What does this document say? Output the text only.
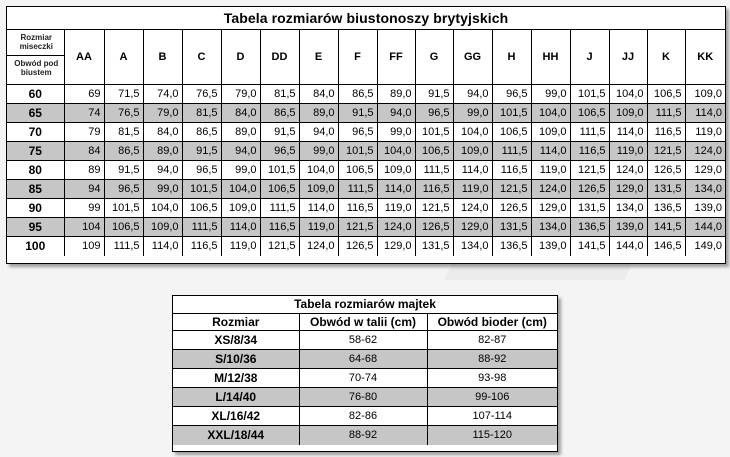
Tabela rozmiarów biustonoszy brytyjskich
Rozmiar miseczki
Obwód pod biustem	AA	A	B	C	D	DD	E	F	FF	G	GG	H	HH	J	JJ	K	KK
60	69	71,5	74,0	76,5	79,0	81,5	84,0	86,5	89,0	91,5	94,0	96,5	99,0	101,5	104,0	106,5	109,0
65	74	76,5	79,0	81,5	84,0	86,5	89,0	91,5	94,0	96,5	99,0	101,5	104,0	106,5	109,0	111,5	114,0
70	79	81,5	84,0	86,5	89,0	91,5	94,0	96,5	99,0	101,5	104,0	106,5	109,0	111,5	114,0	116,5	119,0
75	84	86,5	89,0	91,5	94,0	96,5	99,0	101,5	104,0	106,5	109,0	111,5	114,0	116,5	119,0	121,5	124,0
80	89	91,5	94,0	96,5	99,0	101,5	104,0	106,5	109,0	111,5	114,0	116,5	119,0	121,5	124,0	126,5	129,0
85	94	96,5	99,0	101,5	104,0	106,5	109,0	111,5	114,0	116,5	119,0	121,5	124,0	126,5	129,0	131,5	134,0
90	99	101,5	104,0	106,5	109,0	111,5	114,0	116,5	119,0	121,5	124,0	126,5	129,0	131,5	134,0	136,5	139,0
95	104	106,5	109,0	111,5	114,0	116,5	119,0	121,5	124,0	126,5	129,0	131,5	134,0	136,5	139,0	141,5	144,0
100	109	111,5	114,0	116,5	119,0	121,5	124,0	126,5	129,0	131,5	134,0	136,5	139,0	141,5	144,0	146,5	149,0
Tabela rozmiarów majtek
Rozmiar	Obwód w talii (cm)	Obwód bioder (cm)
XS/8/34	58-62	82-87
S/10/36	64-68	88-92
M/12/38	70-74	93-98
L/14/40	76-80	99-106
XL/16/42	82-86	107-114
XXL/18/44	88-92	115-120
